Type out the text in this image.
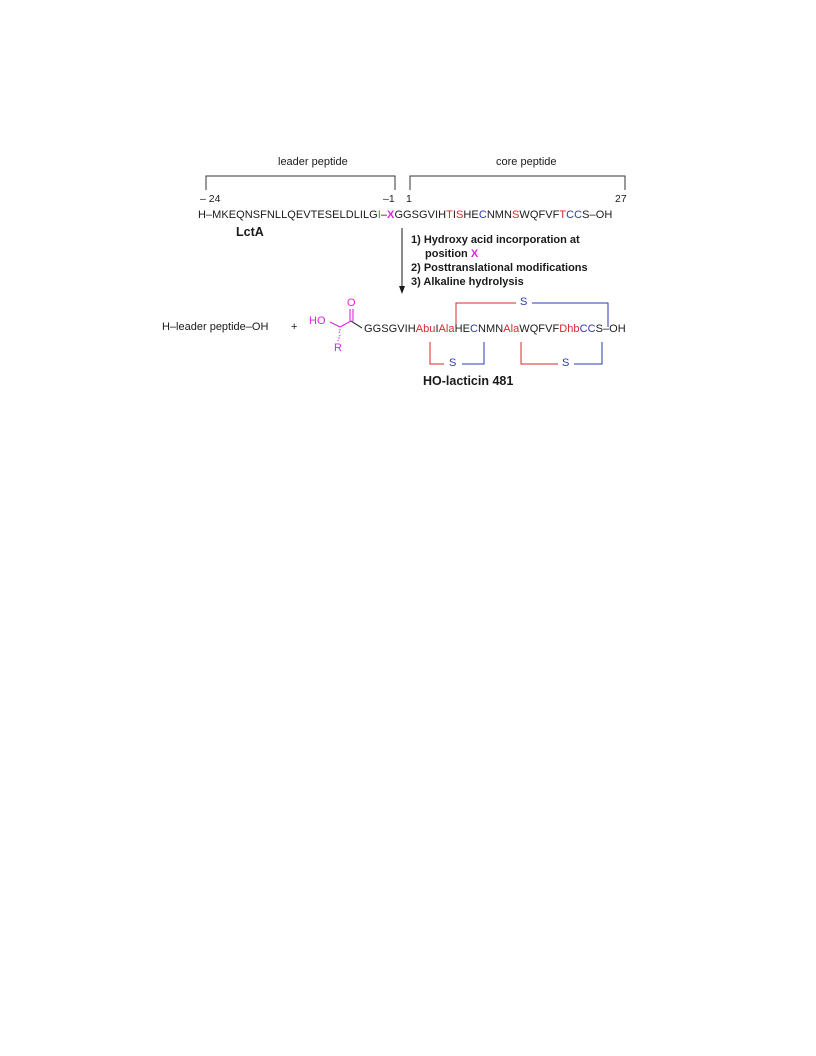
leader peptide	core peptide
– 24	–1 1	27
H–MKEQNSFNLLQEVTESELDLILGI–XGGSGVIHTISHECNMNSWQFVFTCCS–OH
LctA
1) Hydroxy acid incorporation at
position X
2) Posttranslational modifications
3) Alkaline hydrolysis
H–leader peptide–OH + HO
O
R
GGSGVIHAbuIAlaHECNMNAlaWQFVFDhbCCS–OH
S
S	S
HO-lacticin 481
